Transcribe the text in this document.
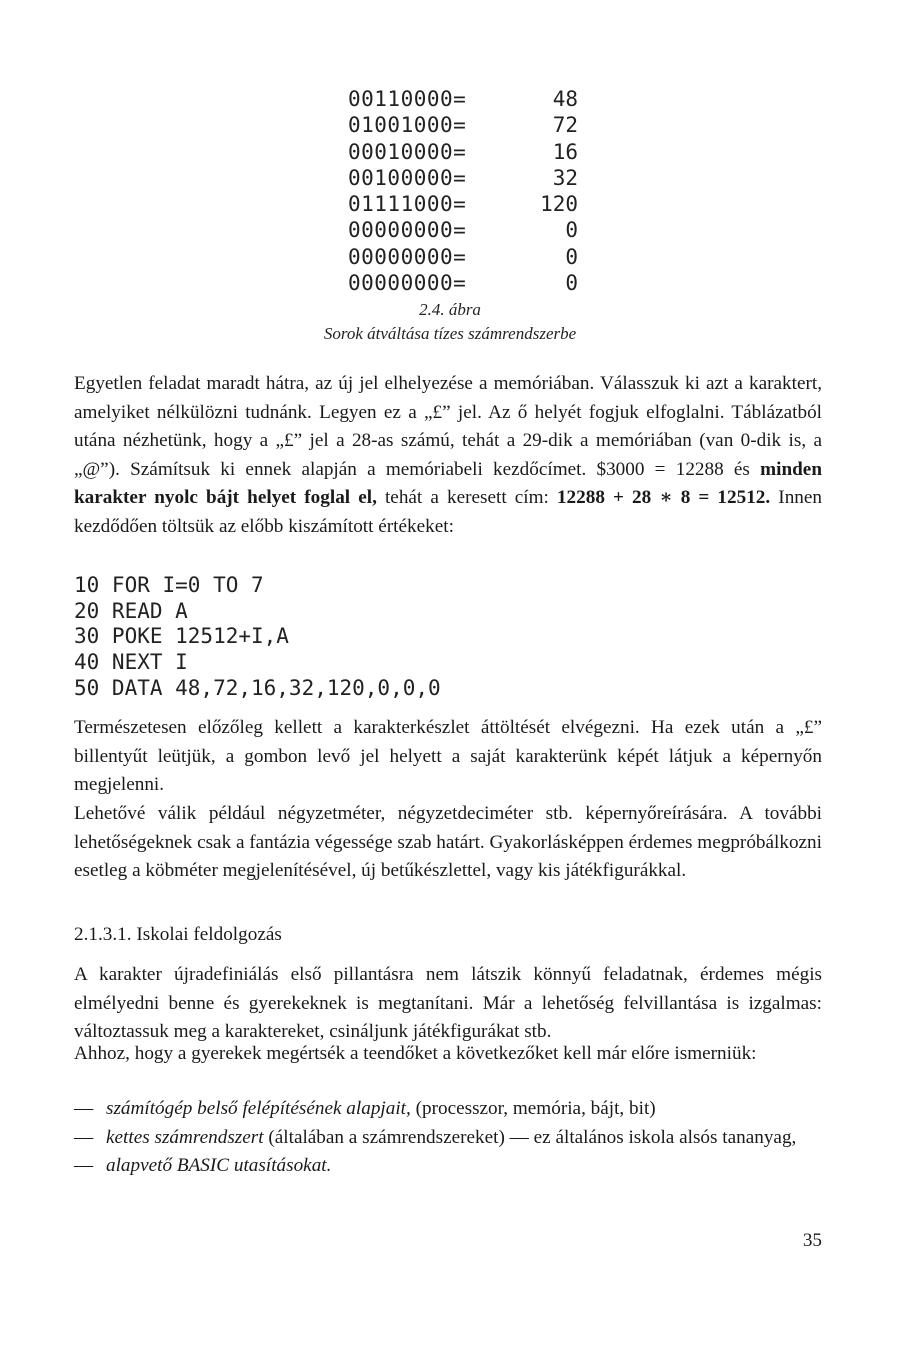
00110000=	48
01001000=	72
00010000=	16
00100000=	32
01111000=	120
00000000=	0
00000000=	0
00000000=	0
2.4. ábra
Sorok átváltása tízes számrendszerbe

Egyetlen feladat maradt hátra, az új jel elhelyezése a memóriában. Válasszuk ki azt a karaktert, amelyiket nélkülözni tudnánk. Legyen ez a „£” jel. Az ő helyét fogjuk elfoglalni. Táblázatból utána nézhetünk, hogy a „£” jel a 28-as számú, tehát a 29-dik a memóriában (van 0-dik is, a „@”). Számítsuk ki ennek alapján a memóriabeli kezdőcímet. $3000 = 12288 és minden karakter nyolc bájt helyet foglal el, tehát a keresett cím: 12288 + 28 ∗ 8 = 12512. Innen kezdődően töltsük az előbb kiszámított értékeket:

10 FOR I=0 TO 7
20 READ A
30 POKE 12512+I,A
40 NEXT I
50 DATA 48,72,16,32,120,0,0,0

Természetesen előzőleg kellett a karakterkészlet áttöltését elvégezni. Ha ezek után a „£” billentyűt leütjük, a gombon levő jel helyett a saját karakterünk képét látjuk a képernyőn megjelenni.

Lehetővé válik például négyzetméter, négyzetdeciméter stb. képernyőreírására. A további lehetőségeknek csak a fantázia végessége szab határt. Gyakorlásképpen érdemes megpróbálkozni esetleg a köbméter megjelenítésével, új betűkészlettel, vagy kis játékfigurákkal.

2.1.3.1. Iskolai feldolgozás

A karakter újradefiniálás első pillantásra nem látszik könnyű feladatnak, érdemes mégis elmélyedni benne és gyerekeknek is megtanítani. Már a lehetőség felvillantása is izgalmas: változtassuk meg a karaktereket, csináljunk játékfigurákat stb.

Ahhoz, hogy a gyerekek megértsék a teendőket a következőket kell már előre ismerniük:

— számítógép belső felépítésének alapjait, (processzor, memória, bájt, bit)
— kettes számrendszert (általában a számrendszereket) — ez általános iskola alsós tananyag,
— alapvető BASIC utasításokat.
35
